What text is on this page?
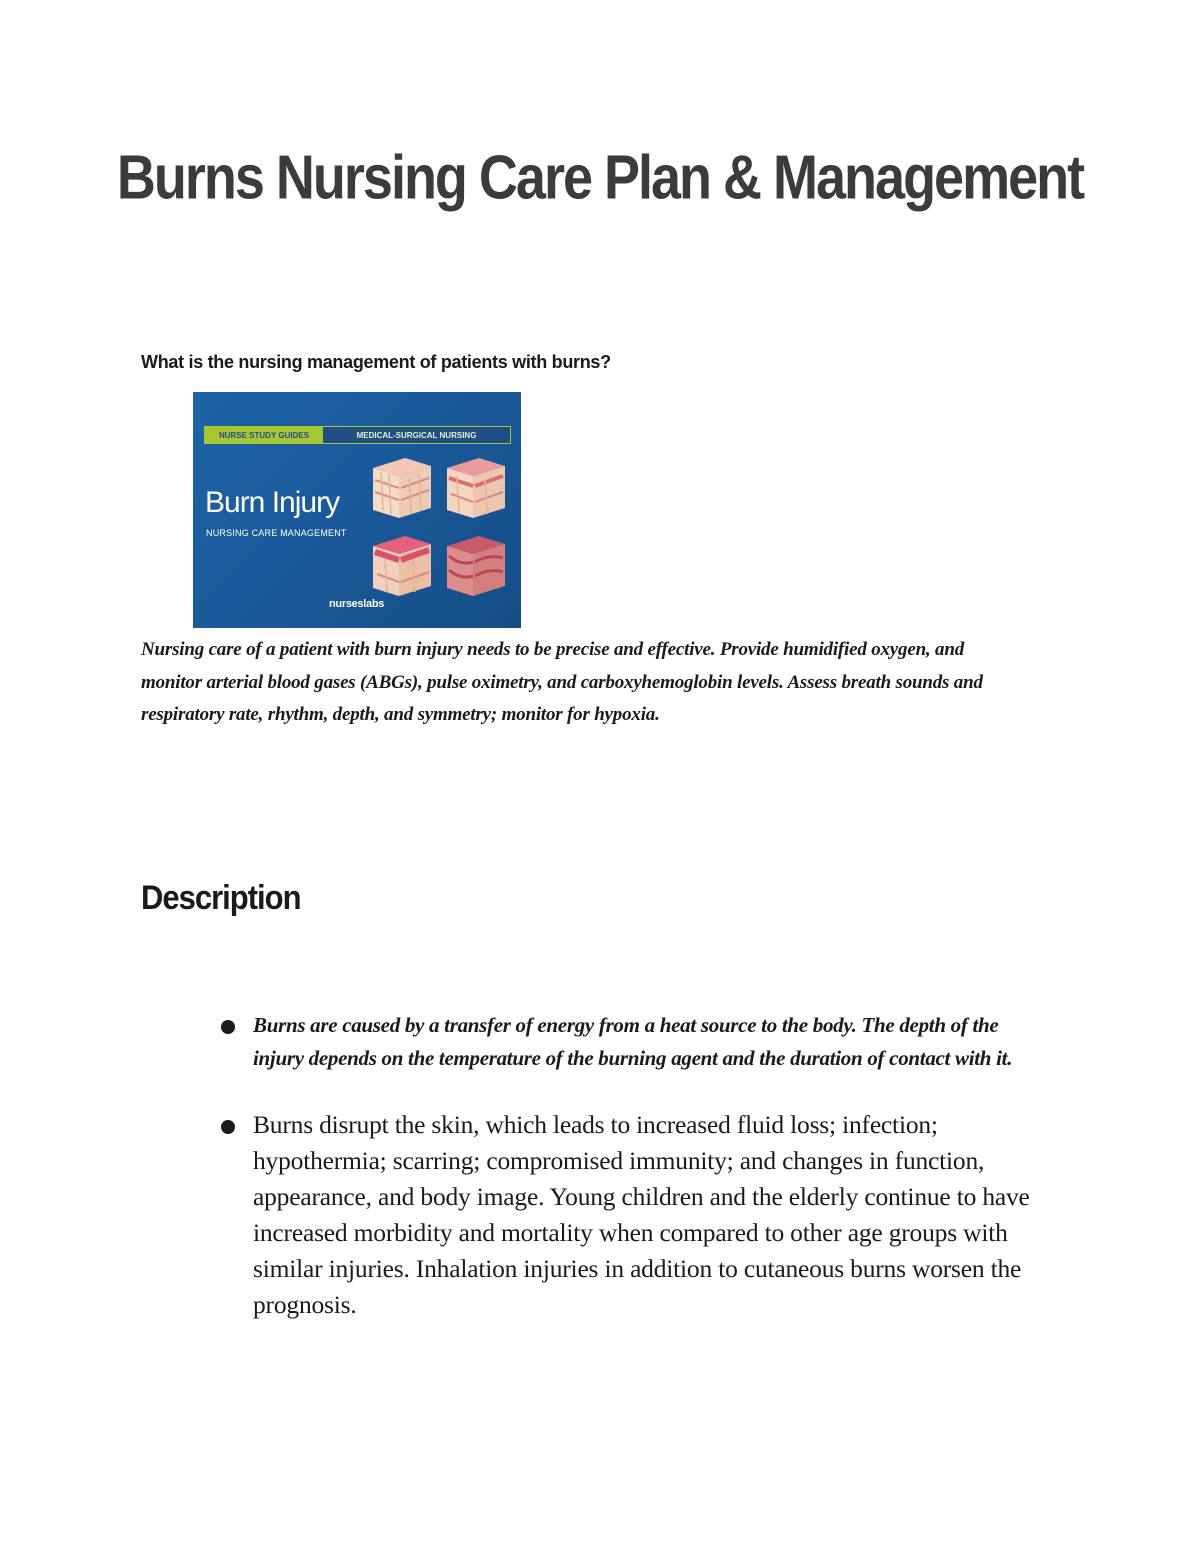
Burns Nursing Care Plan & Management
What is the nursing management of patients with burns?
NURSE STUDY GUIDES	MEDICAL-SURGICAL NURSING
Burn Injury
NURSING CARE MANAGEMENT
nurseslabs
Nursing care of a patient with burn injury needs to be precise and effective. Provide humidified oxygen, and monitor arterial blood gases (ABGs), pulse oximetry, and carboxyhemoglobin levels. Assess breath sounds and respiratory rate, rhythm, depth, and symmetry; monitor for hypoxia.
Description
Burns are caused by a transfer of energy from a heat source to the body. The depth of the injury depends on the temperature of the burning agent and the duration of contact with it.
Burns disrupt the skin, which leads to increased fluid loss; infection; hypothermia; scarring; compromised immunity; and changes in function, appearance, and body image. Young children and the elderly continue to have increased morbidity and mortality when compared to other age groups with similar injuries. Inhalation injuries in addition to cutaneous burns worsen the prognosis.
